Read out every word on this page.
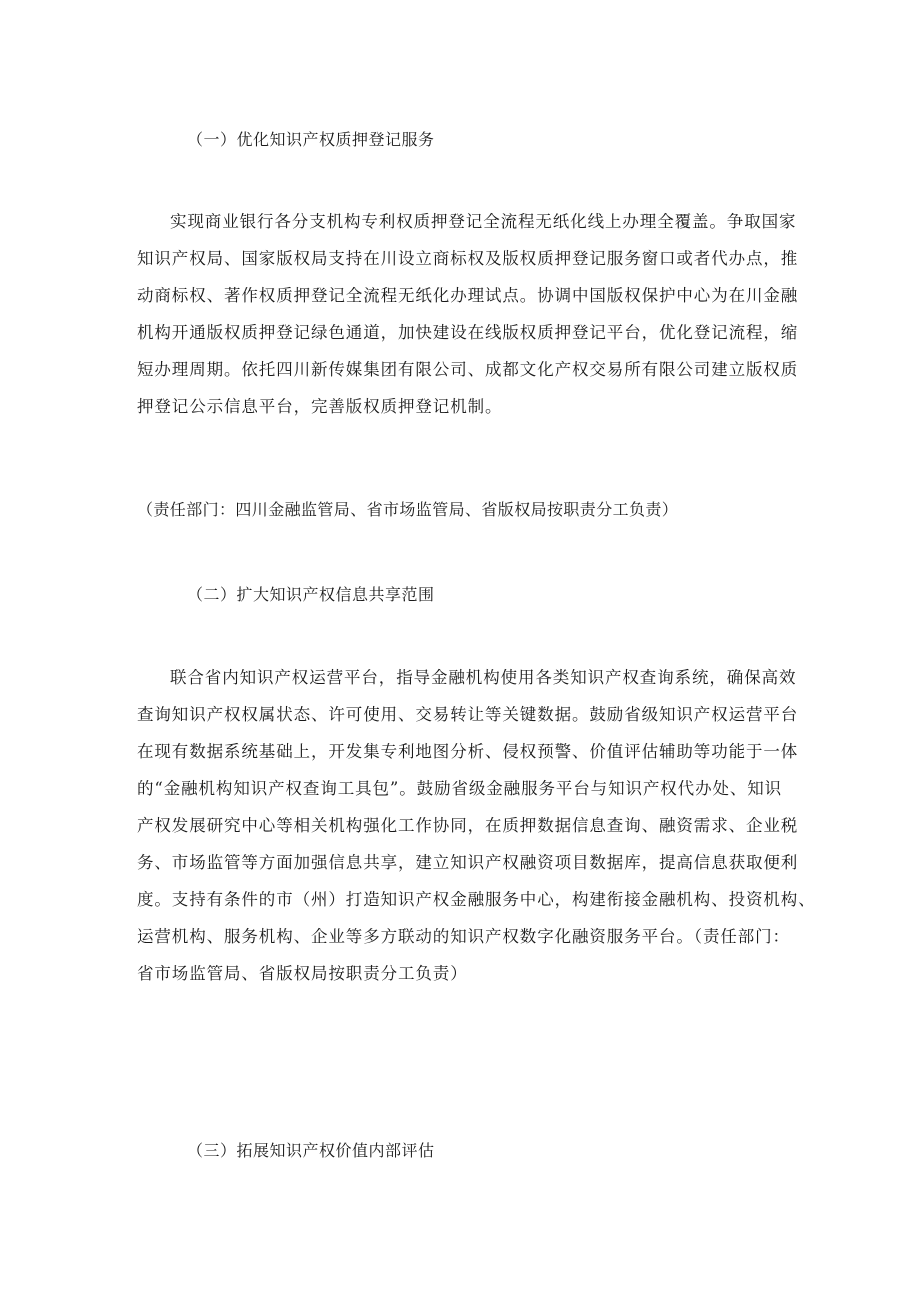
（一）优化知识产权质押登记服务
实现商业银行各分支机构专利权质押登记全流程无纸化线上办理全覆盖。争取国家
知识产权局、国家版权局支持在川设立商标权及版权质押登记服务窗口或者代办点，推
动商标权、著作权质押登记全流程无纸化办理试点。协调中国版权保护中心为在川金融
机构开通版权质押登记绿色通道，加快建设在线版权质押登记平台，优化登记流程，缩
短办理周期。依托四川新传媒集团有限公司、成都文化产权交易所有限公司建立版权质
押登记公示信息平台，完善版权质押登记机制。

（责任部门：四川金融监管局、省市场监管局、省版权局按职责分工负责）

（二）扩大知识产权信息共享范围
联合省内知识产权运营平台，指导金融机构使用各类知识产权查询系统，确保高效
查询知识产权权属状态、许可使用、交易转让等关键数据。鼓励省级知识产权运营平台
在现有数据系统基础上，开发集专利地图分析、侵权预警、价值评估辅助等功能于一体
的“金融机构知识产权查询工具包”。鼓励省级金融服务平台与知识产权代办处、知识
产权发展研究中心等相关机构强化工作协同，在质押数据信息查询、融资需求、企业税
务、市场监管等方面加强信息共享，建立知识产权融资项目数据库，提高信息获取便利
度。支持有条件的市（州）打造知识产权金融服务中心，构建衔接金融机构、投资机构、
运营机构、服务机构、企业等多方联动的知识产权数字化融资服务平台。（责任部门：
省市场监管局、省版权局按职责分工负责）
（三）拓展知识产权价值内部评估
